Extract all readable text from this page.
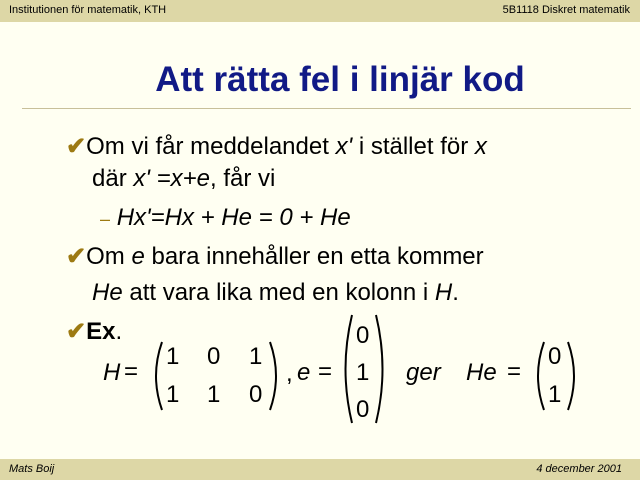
Institutionen för matematik, KTH	5B1118 Diskret matematik
Att rätta fel i linjär kod
✔Om vi får meddelandet x' i stället för x
där x' =x+e, får vi
– Hx'=Hx + He = 0 + He
✔Om e bara innehåller en etta kommer
He att vara lika med en kolonn i H.
✔Ex.
H =
1 0 1
1 1 0
, e =
0
1
0
ger He =
0
1
Mats Boij	4 december 2001
